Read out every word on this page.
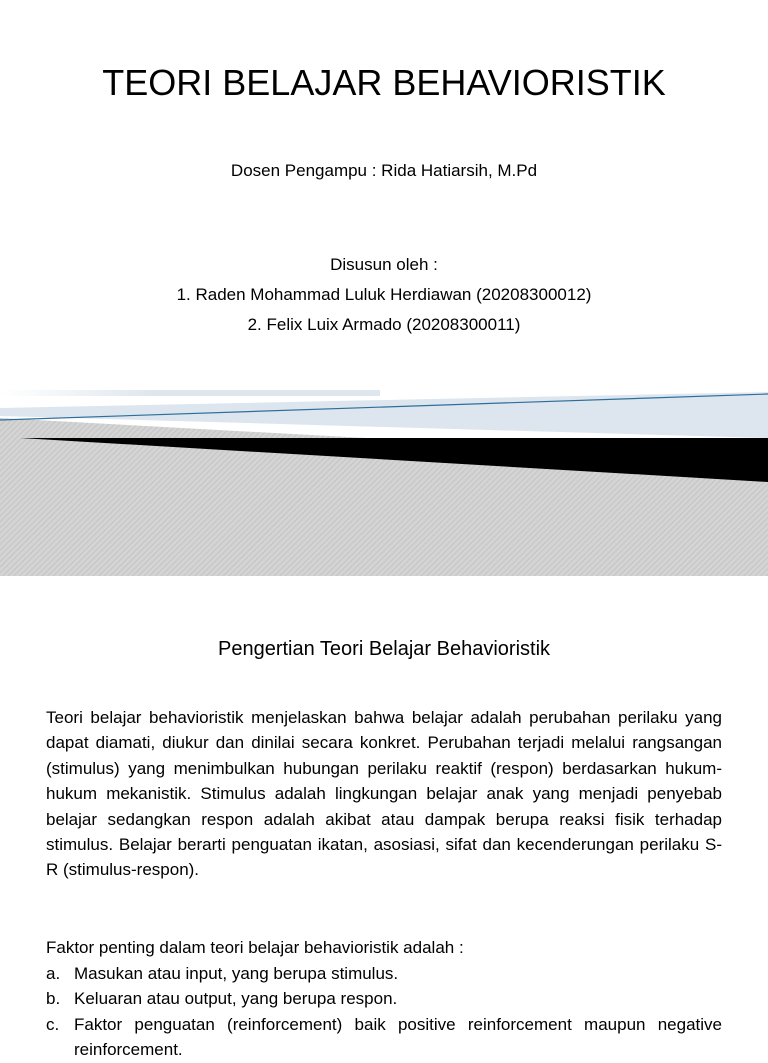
TEORI BELAJAR BEHAVIORISTIK
Dosen Pengampu : Rida Hatiarsih, M.Pd
Disusun oleh :
1. Raden Mohammad Luluk Herdiawan (20208300012)
2. Felix Luix Armado (20208300011)
Pengertian Teori Belajar Behavioristik

Teori belajar behavioristik menjelaskan bahwa belajar adalah perubahan perilaku yang dapat diamati, diukur dan dinilai secara konkret. Perubahan terjadi melalui rangsangan (stimulus) yang menimbulkan hubungan perilaku reaktif (respon) berdasarkan hukum-hukum mekanistik. Stimulus adalah lingkungan belajar anak yang menjadi penyebab belajar sedangkan respon adalah akibat atau dampak berupa reaksi fisik terhadap stimulus. Belajar berarti penguatan ikatan, asosiasi, sifat dan kecenderungan perilaku S-R (stimulus-respon).

Faktor penting dalam teori belajar behavioristik adalah :
a. Masukan atau input, yang berupa stimulus.
b. Keluaran atau output, yang berupa respon.
c. Faktor penguatan (reinforcement) baik positive reinforcement maupun negative reinforcement.
